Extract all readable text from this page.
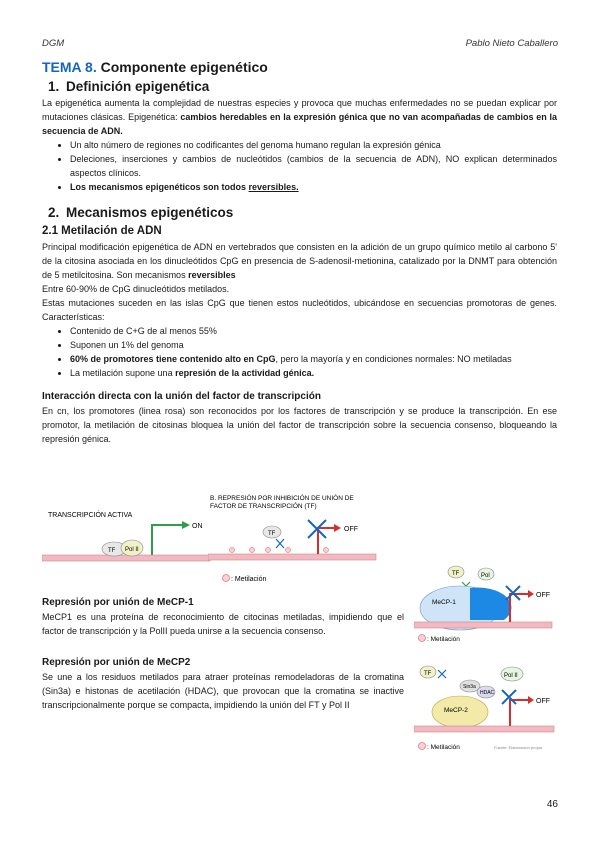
DGM	Pablo Nieto Caballero
TEMA 8. Componente epigenético
1. Definición epigenética

La epigenética aumenta la complejidad de nuestras especies y provoca que muchas enfermedades no se puedan explicar por mutaciones clásicas. Epigenética: cambios heredables en la expresión génica que no van acompañadas de cambios en la secuencia de ADN.

• Un alto número de regiones no codificantes del genoma humano regulan la expresión génica
• Deleciones, inserciones y cambios de nucleótidos (cambios de la secuencia de ADN), NO explican determinados aspectos clínicos.
• Los mecanismos epigenéticos son todos reversibles.
2. Mecanismos epigenéticos
2.1 Metilación de ADN

Principal modificación epigenética de ADN en vertebrados que consisten en la adición de un grupo químico metilo al carbono 5' de la citosina asociada en los dinucleótidos CpG en presencia de S-adenosil-metionina, catalizado por la DNMT para obtención de 5 metilcitosina. Son mecanismos reversibles

Entre 60-90% de CpG dinucleótidos metilados.

Estas mutaciones suceden en las islas CpG que tienen estos nucleótidos, ubicándose en secuencias promotoras de genes. Características:

• Contenido de C+G de al menos 55%
• Suponen un 1% del genoma
• 60% de promotores tiene contenido alto en CpG, pero la mayoría y en condiciones normales: NO metiladas
• La metilación supone una represión de la actividad génica.
Interacción directa con la unión del factor de transcripción

En cn, los promotores (linea rosa) son reconocidos por los factores de transcripción y se produce la transcripción. En ese promotor, la metilación de citosinas bloquea la unión del factor de transcripción sobre la secuencia consenso, bloqueando la represión génica.

TRANSCRIPCIÓN ACTIVA
TF Pol II
ON
B. REPRESIÓN POR INHIBICIÓN DE UNIÓN DE
FACTOR DE TRANSCRIPCIÓN (TF)
TF
OFF
: Metilación
Represión por unión de MeCP-1

MeCP1 es una proteína de reconocimiento de citocinas metiladas, impidiendo que el factor de transcripción y la PolII pueda unirse a la secuencia consenso.

TF	Pol
MeCP-1
OFF
: Metilación
Represión por unión de MeCP2

Se une a los residuos metilados para atraer proteínas remodeladoras de la cromatina (Sin3a) e histonas de acetilación (HDAC), que provocan que la cromatina se inactive transcripcionalmente porque se compacta, impidiendo la unión del FT y Pol II

TF	Pol II
Sin3a
HDAC
MeCP-2
OFF
: Metilación	Fuente: Elaboración propia
46
